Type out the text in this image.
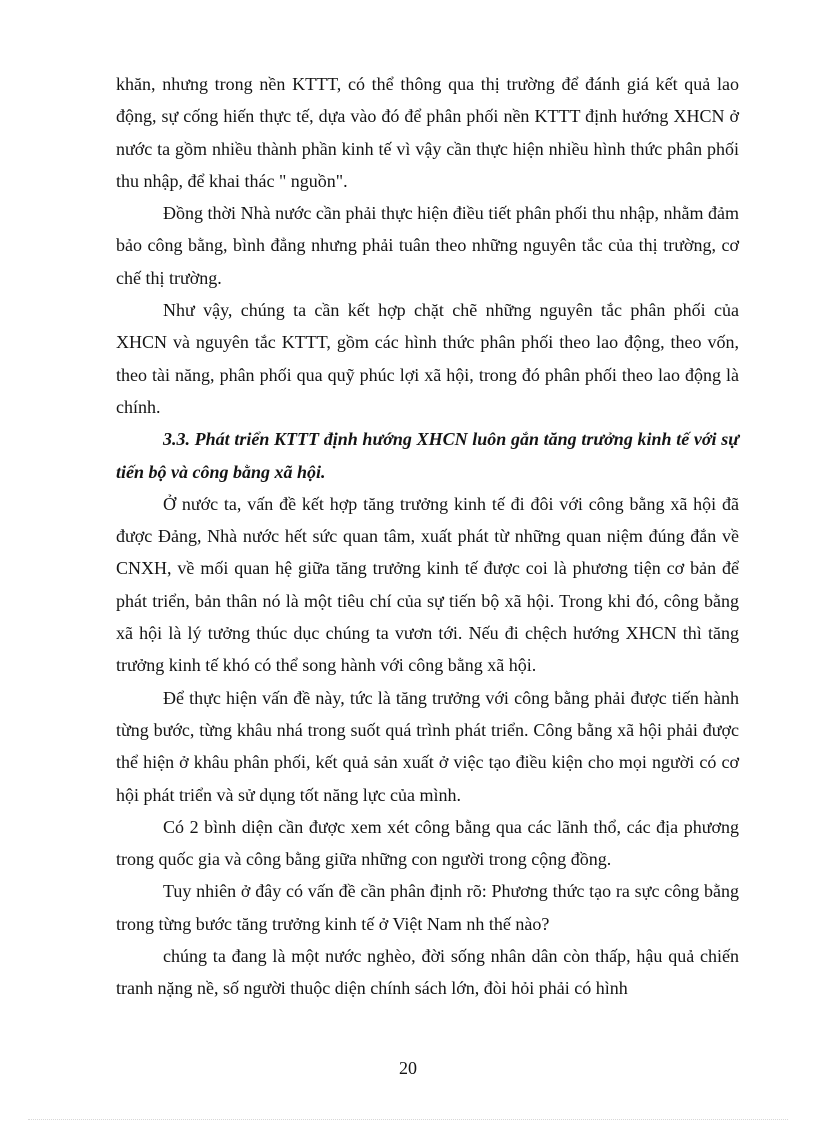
khăn, nhưng trong nền KTTT, có thể thông qua thị trường để đánh giá kết quả lao động, sự cống hiến thực tế, dựa vào đó để phân phối nền KTTT định hướng XHCN ở nước ta gồm nhiều thành phần kinh tế vì vậy cần thực hiện nhiều hình thức phân phối thu nhập, để khai thác " nguồn".

Đồng thời Nhà nước cần phải thực hiện điều tiết phân phối thu nhập, nhằm đảm bảo công bằng, bình đẳng nhưng phải tuân theo những nguyên tắc của thị trường, cơ chế thị trường.

Như vậy, chúng ta cần kết hợp chặt chẽ những nguyên tắc phân phối của XHCN và nguyên tắc KTTT, gồm các hình thức phân phối theo lao động, theo vốn, theo tài năng, phân phối qua quỹ phúc lợi xã hội, trong đó phân phối theo lao động là chính.

3.3. Phát triển KTTT định hướng XHCN luôn gắn tăng trưởng kinh tế với sự tiến bộ và công bằng xã hội.

Ở nước ta, vấn đề kết hợp tăng trưởng kinh tế đi đôi với công bằng xã hội đã được Đảng, Nhà nước hết sức quan tâm, xuất phát từ những quan niệm đúng đắn về CNXH, về mối quan hệ giữa tăng trưởng kinh tế được coi là phương tiện cơ bản để phát triển, bản thân nó là một tiêu chí của sự tiến bộ xã hội. Trong khi đó, công bằng xã hội là lý tưởng thúc dục chúng ta vươn tới. Nếu đi chệch hướng XHCN thì tăng trưởng kinh tế khó có thể song hành với công bằng xã hội.

Để thực hiện vấn đề này, tức là tăng trưởng với công bằng phải được tiến hành từng bước, từng khâu nhá trong suốt quá trình phát triển. Công bằng xã hội phải được thể hiện ở khâu phân phối, kết quả sản xuất ở việc tạo điều kiện cho mọi người có cơ hội phát triển và sử dụng tốt năng lực của mình.

Có 2 bình diện cần được xem xét công bằng qua các lãnh thổ, các địa phương trong quốc gia và công bằng giữa những con người trong cộng đồng.

Tuy nhiên ở đây có vấn đề cần phân định rõ: Phương thức tạo ra sực công bằng trong từng bước tăng trưởng kinh tế ở Việt Nam nh thế nào?

chúng ta đang là một nước nghèo, đời sống nhân dân còn thấp, hậu quả chiến tranh nặng nề, số người thuộc diện chính sách lớn, đòi hỏi phải có hình

20
